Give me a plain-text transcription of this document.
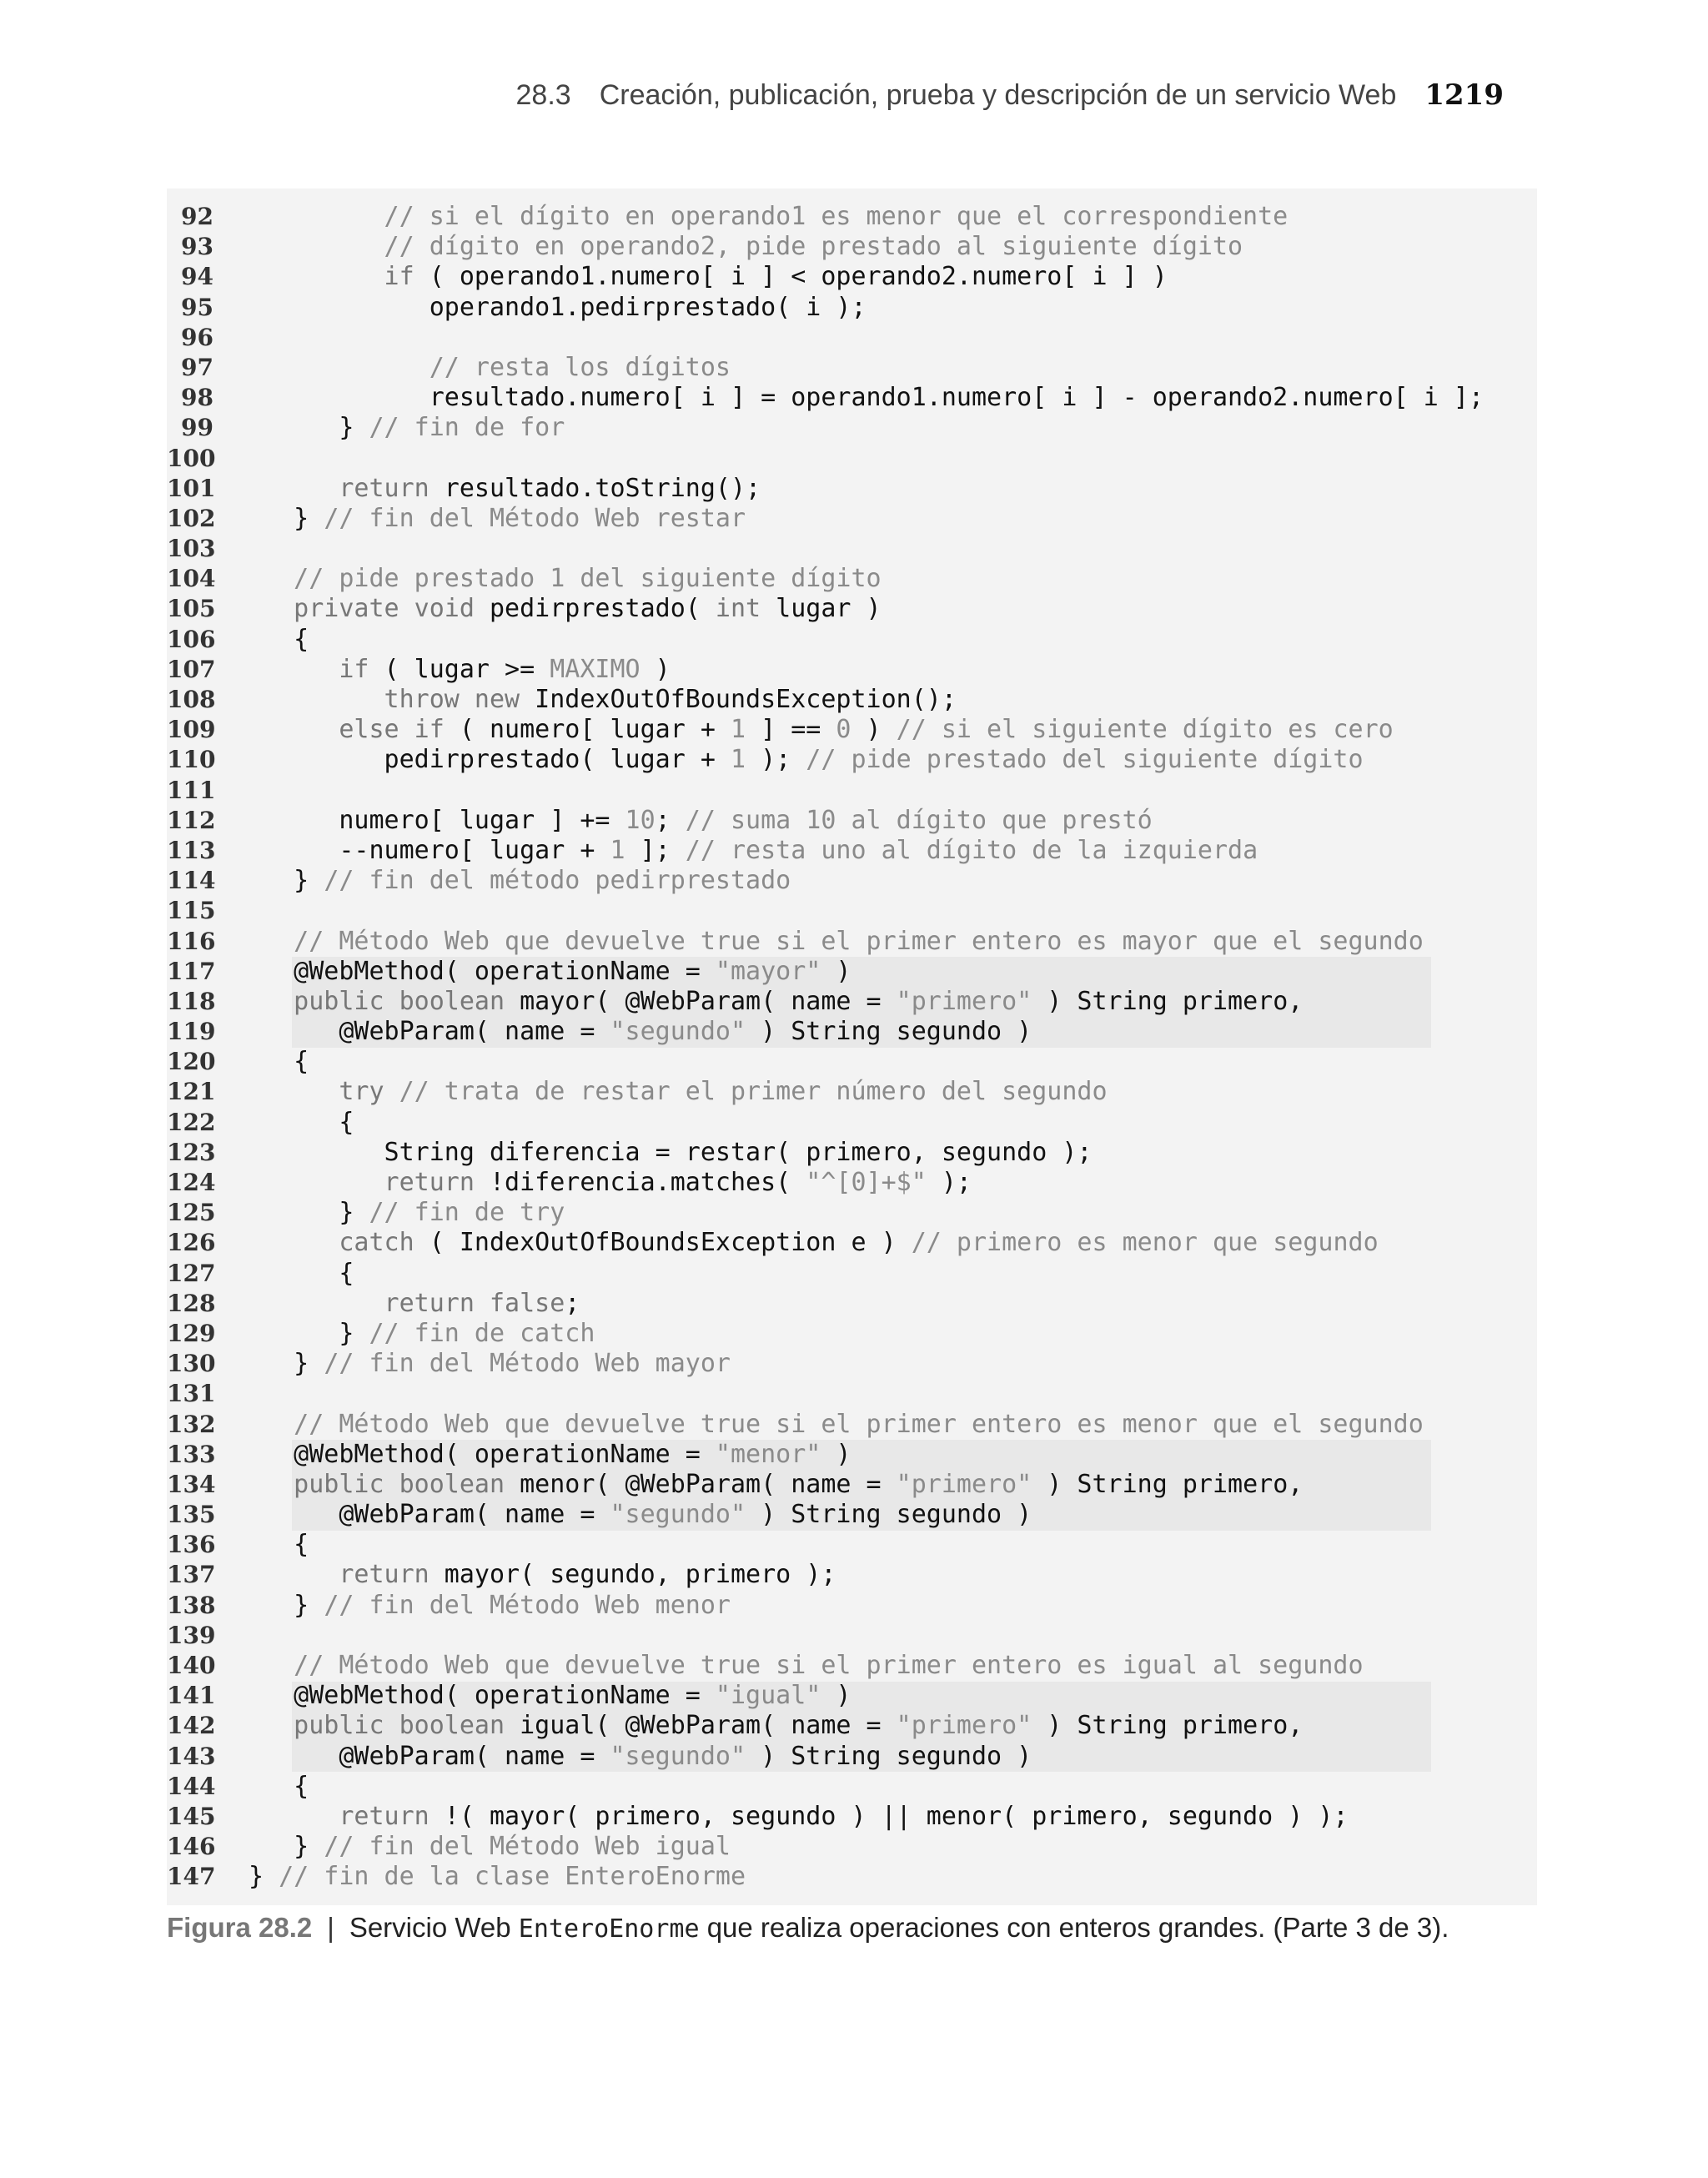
28.3 Creación, publicación, prueba y descripción de un servicio Web 1219
92 // si el dígito en operando1 es menor que el correspondiente
93 // dígito en operando2, pide prestado al siguiente dígito
94 if ( operando1.numero[ i ] < operando2.numero[ i ] )
95 operando1.pedirprestado( i );
96
97 // resta los dígitos
98 resultado.numero[ i ] = operando1.numero[ i ] - operando2.numero[ i ];
99 } // fin de for
100
101 return resultado.toString();
102 } // fin del Método Web restar
103
104 // pide prestado 1 del siguiente dígito
105 private void pedirprestado( int lugar )
106 {
107 if ( lugar >= MAXIMO )
108 throw new IndexOutOfBoundsException();
109 else if ( numero[ lugar + 1 ] == 0 ) // si el siguiente dígito es cero
110 pedirprestado( lugar + 1 ); // pide prestado del siguiente dígito
111
112 numero[ lugar ] += 10; // suma 10 al dígito que prestó
113 --numero[ lugar + 1 ]; // resta uno al dígito de la izquierda
114 } // fin del método pedirprestado
115
116 // Método Web que devuelve true si el primer entero es mayor que el segundo
117 @WebMethod( operationName = "mayor" )
118 public boolean mayor( @WebParam( name = "primero" ) String primero,
119 @WebParam( name = "segundo" ) String segundo )
120 {
121 try // trata de restar el primer número del segundo
122 {
123 String diferencia = restar( primero, segundo );
124 return !diferencia.matches( "^[0]+$" );
125 } // fin de try
126 catch ( IndexOutOfBoundsException e ) // primero es menor que segundo
127 {
128 return false;
129 } // fin de catch
130 } // fin del Método Web mayor
131
132 // Método Web que devuelve true si el primer entero es menor que el segundo
133 @WebMethod( operationName = "menor" )
134 public boolean menor( @WebParam( name = "primero" ) String primero,
135 @WebParam( name = "segundo" ) String segundo )
136 {
137 return mayor( segundo, primero );
138 } // fin del Método Web menor
139
140 // Método Web que devuelve true si el primer entero es igual al segundo
141 @WebMethod( operationName = "igual" )
142 public boolean igual( @WebParam( name = "primero" ) String primero,
143 @WebParam( name = "segundo" ) String segundo )
144 {
145 return !( mayor( primero, segundo ) || menor( primero, segundo ) );
146 } // fin del Método Web igual
147 } // fin de la clase EnteroEnorme
Figura 28.2 | Servicio Web EnteroEnorme que realiza operaciones con enteros grandes. (Parte 3 de 3).
